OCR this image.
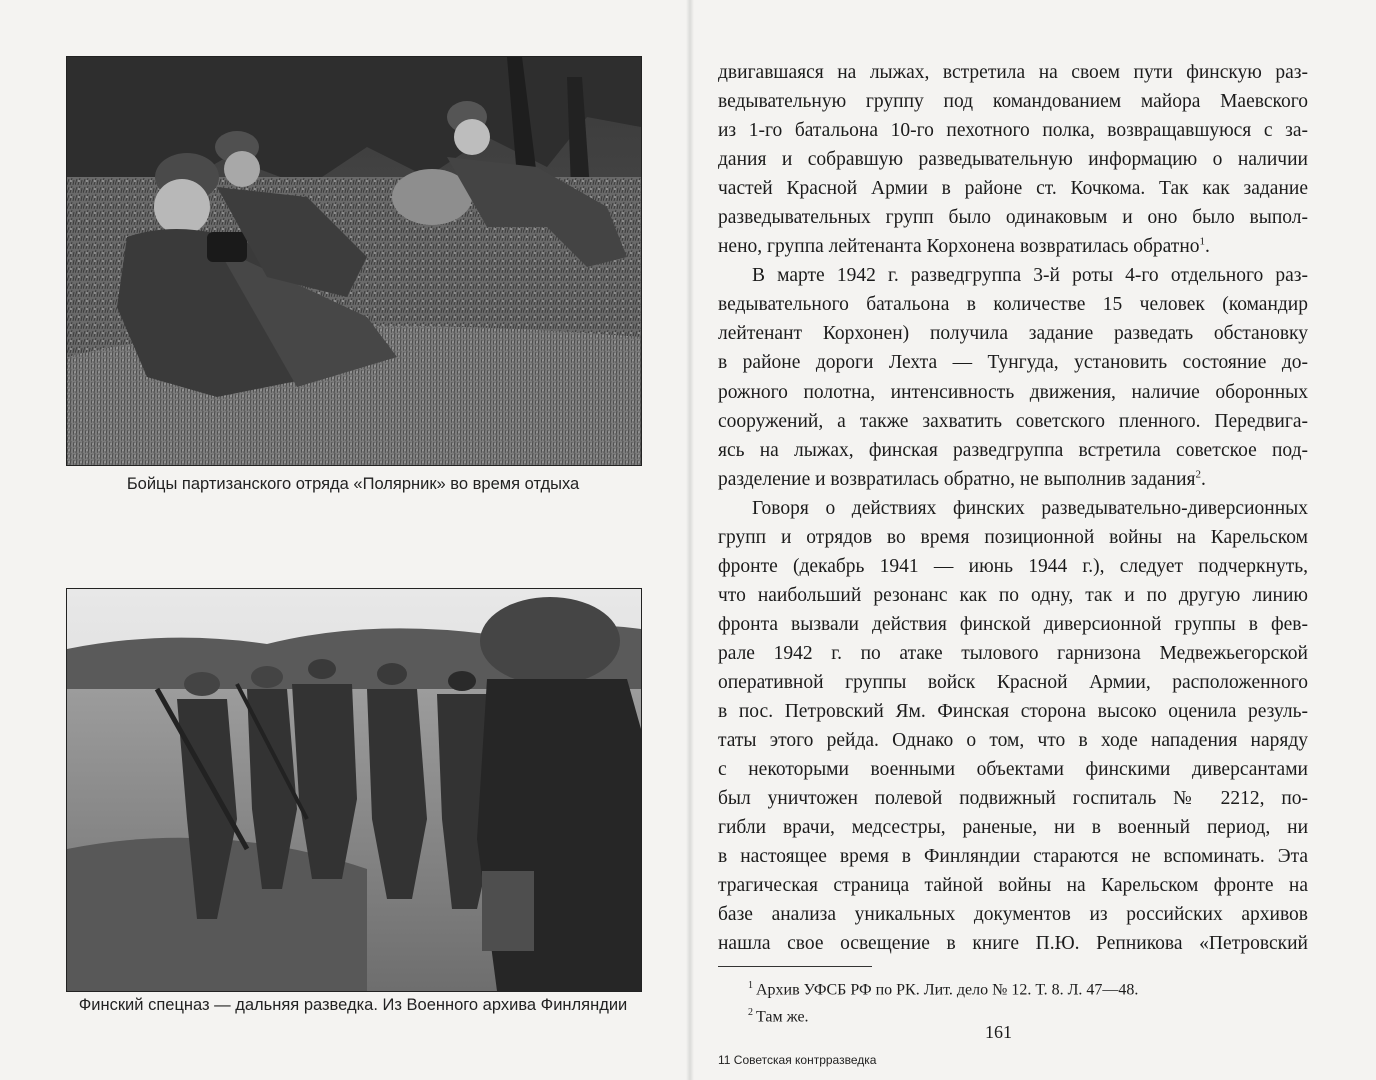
Бойцы партизанского отряда «Полярник» во время отдыха
Финский спецназ — дальняя разведка. Из Военного архива Финляндии

двигавшаяся на лыжах, встретила на своем пути финскую раз-
ведывательную группу под командованием майора Маевского
из 1-го батальона 10-го пехотного полка, возвращавшуюся с за-
дания и собравшую разведывательную информацию о наличии
частей Красной Армии в районе ст. Кочкома. Так как задание
разведывательных групп было одинаковым и оно было выпол-
нено, группа лейтенанта Корхонена возвратилась обратно$^1$.

В марте 1942 г. разведгруппа 3-й роты 4-го отдельного раз-
ведывательного батальона в количестве 15 человек (командир
лейтенант Корхонен) получила задание разведать обстановку
в районе дороги Лехта — Тунгуда, установить состояние до-
рожного полотна, интенсивность движения, наличие оборонных
сооружений, а также захватить советского пленного. Передвига-
ясь на лыжах, финская разведгруппа встретила советское под-
разделение и возвратилась обратно, не выполнив задания$^2$.

Говоря о действиях финских разведывательно-диверсионных
групп и отрядов во время позиционной войны на Карельском
фронте (декабрь 1941 — июнь 1944 г.), следует подчеркнуть,
что наибольший резонанс как по одну, так и по другую линию
фронта вызвали действия финской диверсионной группы в фев-
рале 1942 г. по атаке тылового гарнизона Медвежьегорской
оперативной группы войск Красной Армии, расположенного
в пос. Петровский Ям. Финская сторона высоко оценила резуль-
таты этого рейда. Однако о том, что в ходе нападения наряду
с некоторыми военными объектами финскими диверсантами
был уничтожен полевой подвижный госпиталь № 2212, по-
гибли врачи, медсестры, раненые, ни в военный период, ни
в настоящее время в Финляндии стараются не вспоминать. Эта
трагическая страница тайной войны на Карельском фронте на
базе анализа уникальных документов из российских архивов
нашла свое освещение в книге П.Ю. Репникова «Петровский

$^1$ Архив УФСБ РФ по РК. Лит. дело № 12. Т. 8. Л. 47—48.
$^2$ Там же.
161
11 Советская контрразведка
